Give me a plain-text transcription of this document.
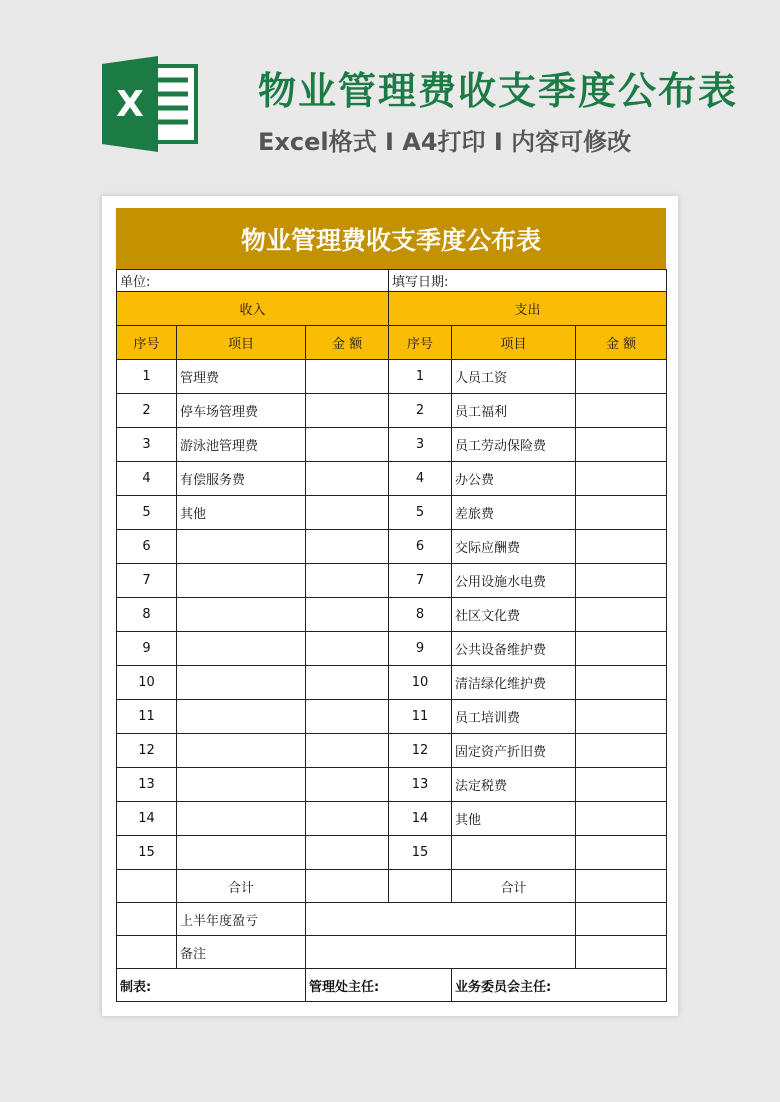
X	物业管理费收支季度公布表
Excel格式 I A4打印 I 内容可修改
物业管理费收支季度公布表
单位:			填写日期:		
收入			支出		
序号	项目	金 额	序号	项目	金 额
1	管理费		1	人员工资	
2	停车场管理费		2	员工福利	
3	游泳池管理费		3	员工劳动保险费	
4	有偿服务费		4	办公费	
5	其他		5	差旅费	
6			6	交际应酬费	
7			7	公用设施水电费	
8			8	社区文化费	
9			9	公共设备维护费	
10			10	清洁绿化维护费	
11			11	员工培训费	
12			12	固定资产折旧费	
13			13	法定税费	
14			14	其他	
15			15		
	合计			合计	
	上半年度盈亏				
	备注				
制表:		管理处主任:		业务委员会主任:	
